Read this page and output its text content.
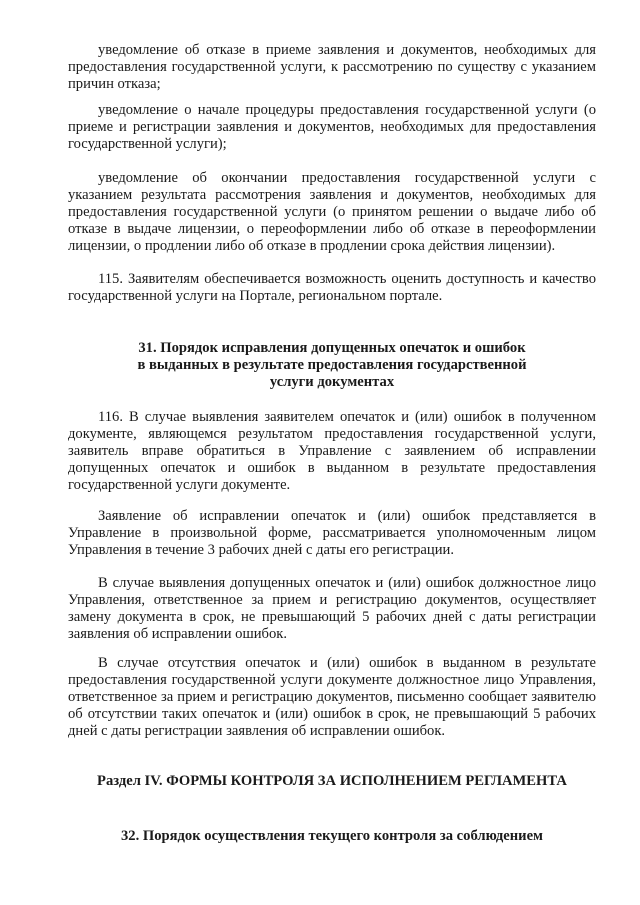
уведомление об отказе в приеме заявления и документов, необходимых для предоставления государственной услуги, к рассмотрению по существу с указанием причин отказа;

уведомление о начале процедуры предоставления государственной услуги (о приеме и регистрации заявления и документов, необходимых для предоставления государственной услуги);

уведомление об окончании предоставления государственной услуги с указанием результата рассмотрения заявления и документов, необходимых для предоставления государственной услуги (о принятом решении о выдаче либо об отказе в выдаче лицензии, о переоформлении либо об отказе в переоформлении лицензии, о продлении либо об отказе в продлении срока действия лицензии).

115. Заявителям обеспечивается возможность оценить доступность и качество государственной услуги на Портале, региональном портале.

31. Порядок исправления допущенных опечаток и ошибок
в выданных в результате предоставления государственной
услуги документах

116. В случае выявления заявителем опечаток и (или) ошибок в полученном документе, являющемся результатом предоставления государственной услуги, заявитель вправе обратиться в Управление с заявлением об исправлении допущенных опечаток и ошибок в выданном в результате предоставления государственной услуги документе.

Заявление об исправлении опечаток и (или) ошибок представляется в Управление в произвольной форме, рассматривается уполномоченным лицом Управления в течение 3 рабочих дней с даты его регистрации.

В случае выявления допущенных опечаток и (или) ошибок должностное лицо Управления, ответственное за прием и регистрацию документов, осуществляет замену документа в срок, не превышающий 5 рабочих дней с даты регистрации заявления об исправлении ошибок.

В случае отсутствия опечаток и (или) ошибок в выданном в результате предоставления государственной услуги документе должностное лицо Управления, ответственное за прием и регистрацию документов, письменно сообщает заявителю об отсутствии таких опечаток и (или) ошибок в срок, не превышающий 5 рабочих дней с даты регистрации заявления об исправлении ошибок.

Раздел IV. ФОРМЫ КОНТРОЛЯ ЗА ИСПОЛНЕНИЕМ РЕГЛАМЕНТА
32. Порядок осуществления текущего контроля за соблюдением
